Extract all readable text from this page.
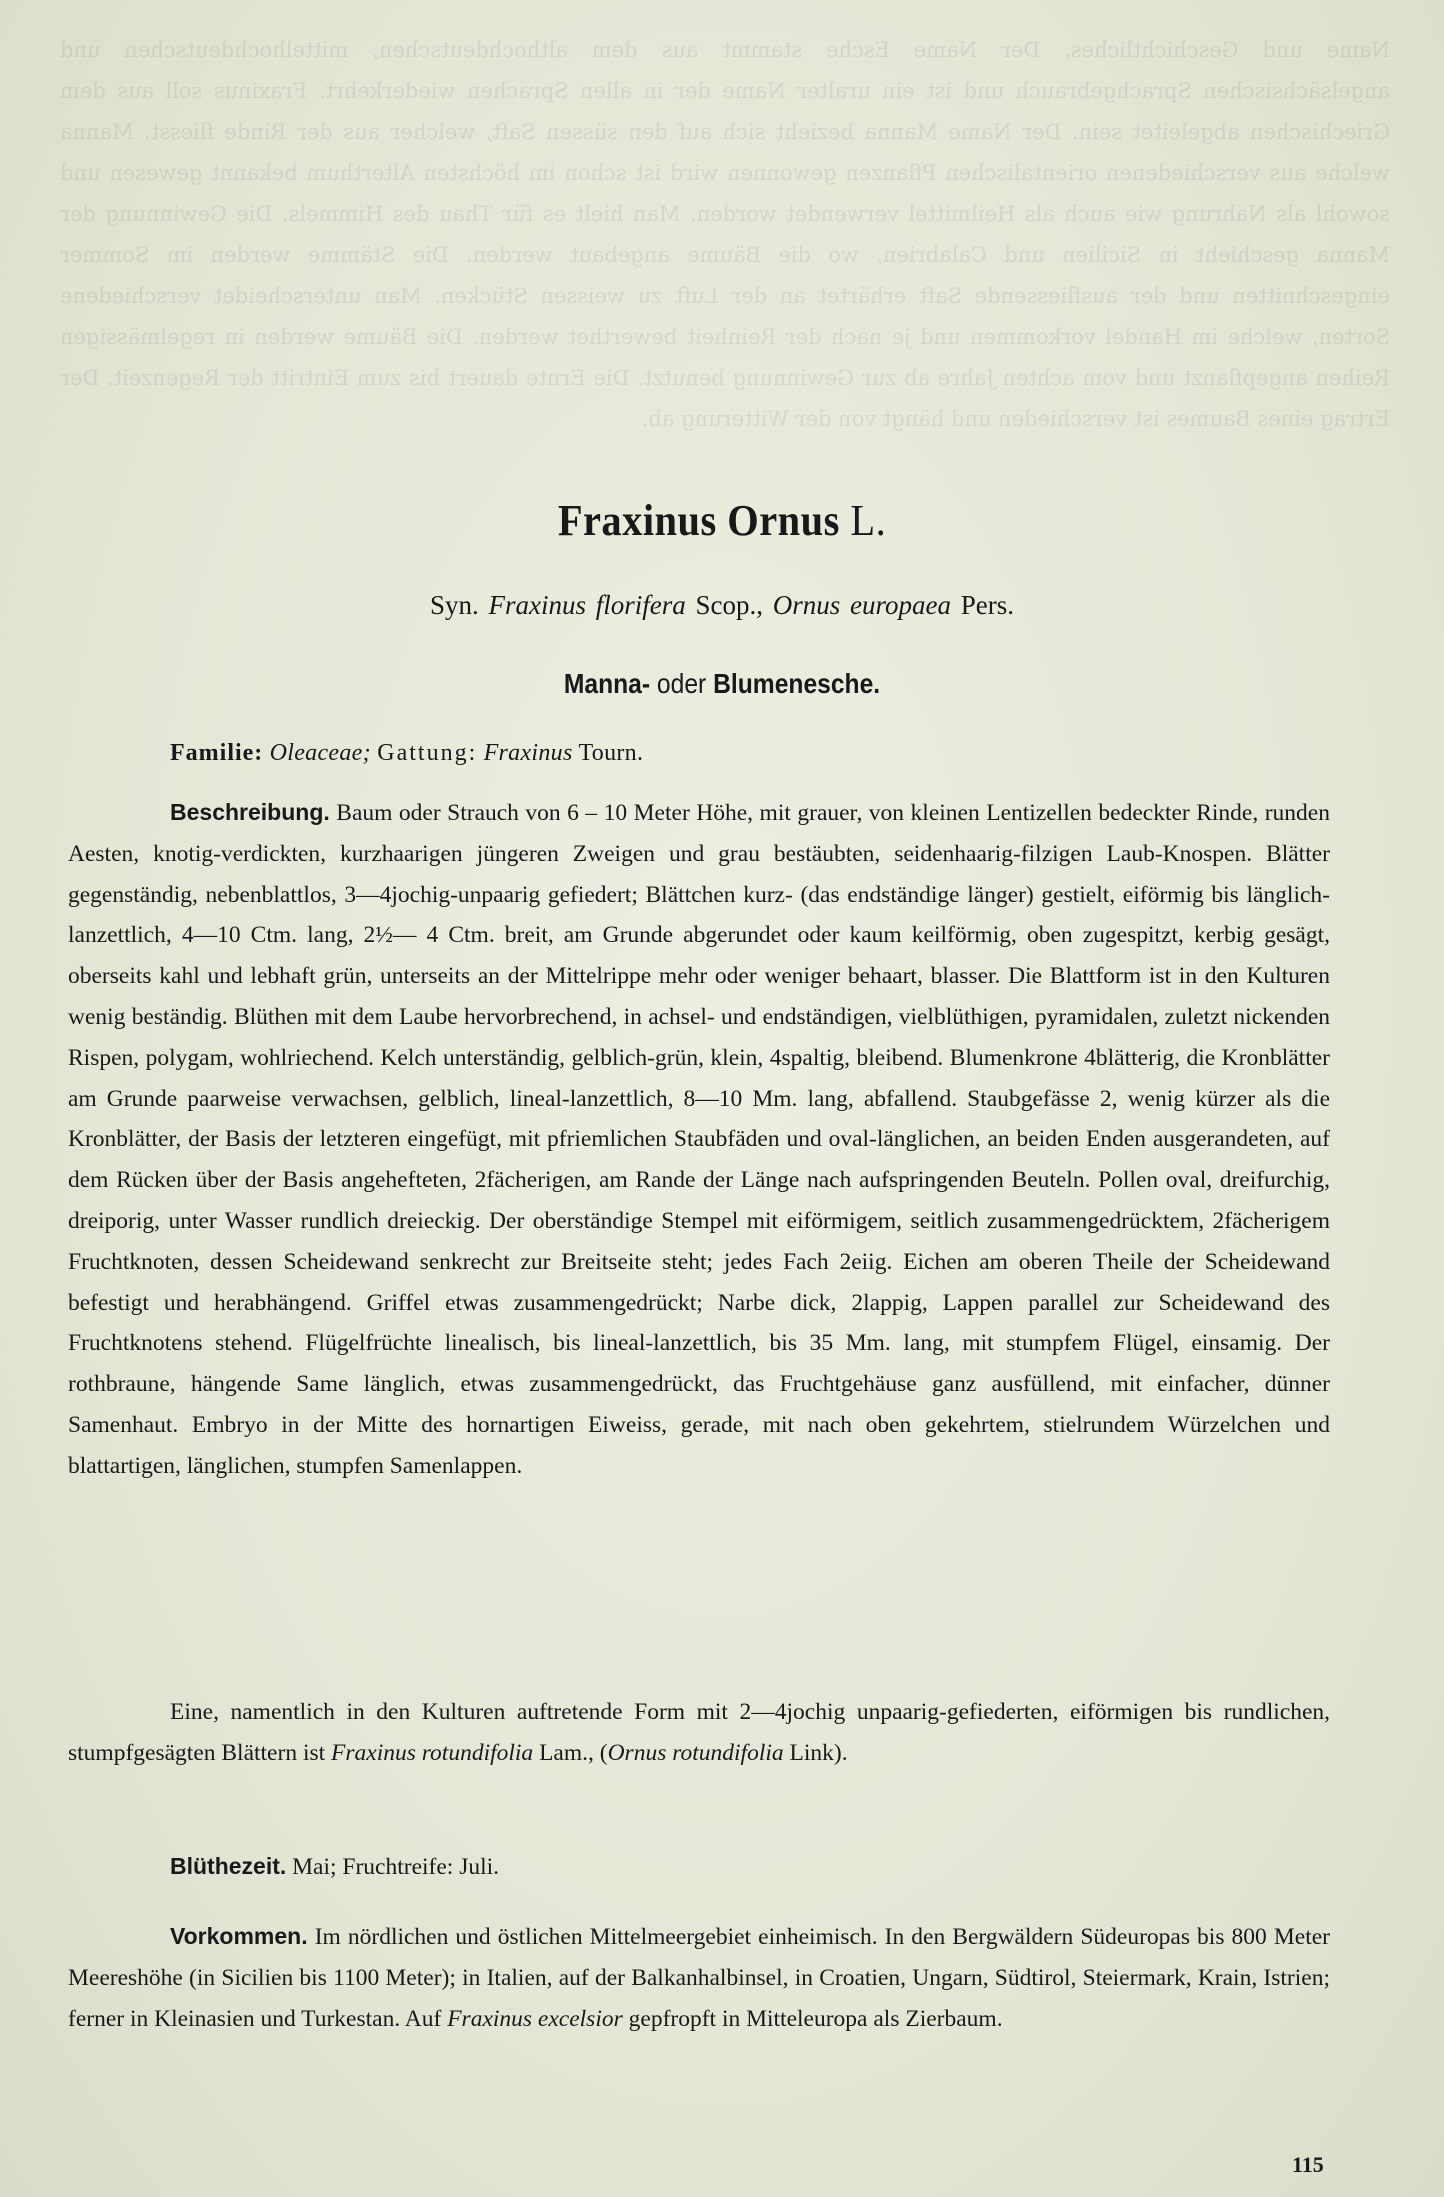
Name und Geschichtliches. Der Name Esche stammt aus dem althochdeutschen, mittelhochdeutschen und angelsächsischen Sprachgebrauch und ist ein uralter Name der in allen Sprachen wiederkehrt. Fraxinus soll aus dem Griechischen abgeleitet sein. Der Name Manna bezieht sich auf den süssen Saft, welcher aus der Rinde fliesst. Manna welche aus verschiedenen orientalischen Pflanzen gewonnen wird ist schon im höchsten Alterthum bekannt gewesen und sowohl als Nahrung wie auch als Heilmittel verwendet worden. Man hielt es für Thau des Himmels. Die Gewinnung der Manna geschieht in Sicilien und Calabrien, wo die Bäume angebaut werden. Die Stämme werden im Sommer eingeschnitten und der ausfliessende Saft erhärtet an der Luft zu weissen Stücken. Man unterscheidet verschiedene Sorten, welche im Handel vorkommen und je nach der Reinheit bewerthet werden. Die Bäume werden in regelmässigen Reihen angepflanzt und vom achten Jahre ab zur Gewinnung benutzt. Die Ernte dauert bis zum Eintritt der Regenzeit. Der Ertrag eines Baumes ist verschieden und hängt von der Witterung ab.
Fraxinus Ornus L.
Syn. Fraxinus florifera Scop., Ornus europaea Pers.
Manna- oder Blumenesche.
Familie: Oleaceae; Gattung: Fraxinus Tourn.

Beschreibung. Baum oder Strauch von 6 – 10 Meter Höhe, mit grauer, von kleinen Lentizellen bedeckter Rinde, runden Aesten, knotig-verdickten, kurzhaarigen jüngeren Zweigen und grau bestäubten, seidenhaarig-filzigen Laub-Knospen. Blätter gegenständig, nebenblattlos, 3—4jochig-unpaarig gefiedert; Blättchen kurz- (das endständige länger) gestielt, eiförmig bis länglich-lanzettlich, 4—10 Ctm. lang, 2½— 4 Ctm. breit, am Grunde abgerundet oder kaum keilförmig, oben zugespitzt, kerbig gesägt, oberseits kahl und lebhaft grün, unterseits an der Mittelrippe mehr oder weniger behaart, blasser. Die Blattform ist in den Kulturen wenig beständig. Blüthen mit dem Laube hervorbrechend, in achsel- und endständigen, vielblüthigen, pyramidalen, zuletzt nickenden Rispen, polygam, wohlriechend. Kelch unterständig, gelblich-grün, klein, 4spaltig, bleibend. Blumenkrone 4blätterig, die Kronblätter am Grunde paarweise verwachsen, gelblich, lineal-lanzettlich, 8—10 Mm. lang, abfallend. Staubgefässe 2, wenig kürzer als die Kronblätter, der Basis der letzteren eingefügt, mit pfriemlichen Staubfäden und oval-länglichen, an beiden Enden ausgerandeten, auf dem Rücken über der Basis angehefteten, 2fächerigen, am Rande der Länge nach aufspringenden Beuteln. Pollen oval, dreifurchig, dreiporig, unter Wasser rundlich dreieckig. Der oberständige Stempel mit eiförmigem, seitlich zusammengedrücktem, 2fächerigem Fruchtknoten, dessen Scheidewand senkrecht zur Breitseite steht; jedes Fach 2eiig. Eichen am oberen Theile der Scheidewand befestigt und herabhängend. Griffel etwas zusammengedrückt; Narbe dick, 2lappig, Lappen parallel zur Scheidewand des Fruchtknotens stehend. Flügelfrüchte linealisch, bis lineal-lanzettlich, bis 35 Mm. lang, mit stumpfem Flügel, einsamig. Der rothbraune, hängende Same länglich, etwas zusammengedrückt, das Fruchtgehäuse ganz ausfüllend, mit einfacher, dünner Samenhaut. Embryo in der Mitte des hornartigen Eiweiss, gerade, mit nach oben gekehrtem, stielrundem Würzelchen und blattartigen, länglichen, stumpfen Samenlappen.

Eine, namentlich in den Kulturen auftretende Form mit 2—4jochig unpaarig-gefiederten, eiförmigen bis rundlichen, stumpfgesägten Blättern ist Fraxinus rotundifolia Lam., (Ornus rotundifolia Link).

Blüthezeit. Mai; Fruchtreife: Juli.

Vorkommen. Im nördlichen und östlichen Mittelmeergebiet einheimisch. In den Bergwäldern Südeuropas bis 800 Meter Meereshöhe (in Sicilien bis 1100 Meter); in Italien, auf der Balkanhalbinsel, in Croatien, Ungarn, Südtirol, Steiermark, Krain, Istrien; ferner in Kleinasien und Turkestan. Auf Fraxinus excelsior gepfropft in Mitteleuropa als Zierbaum.

115
